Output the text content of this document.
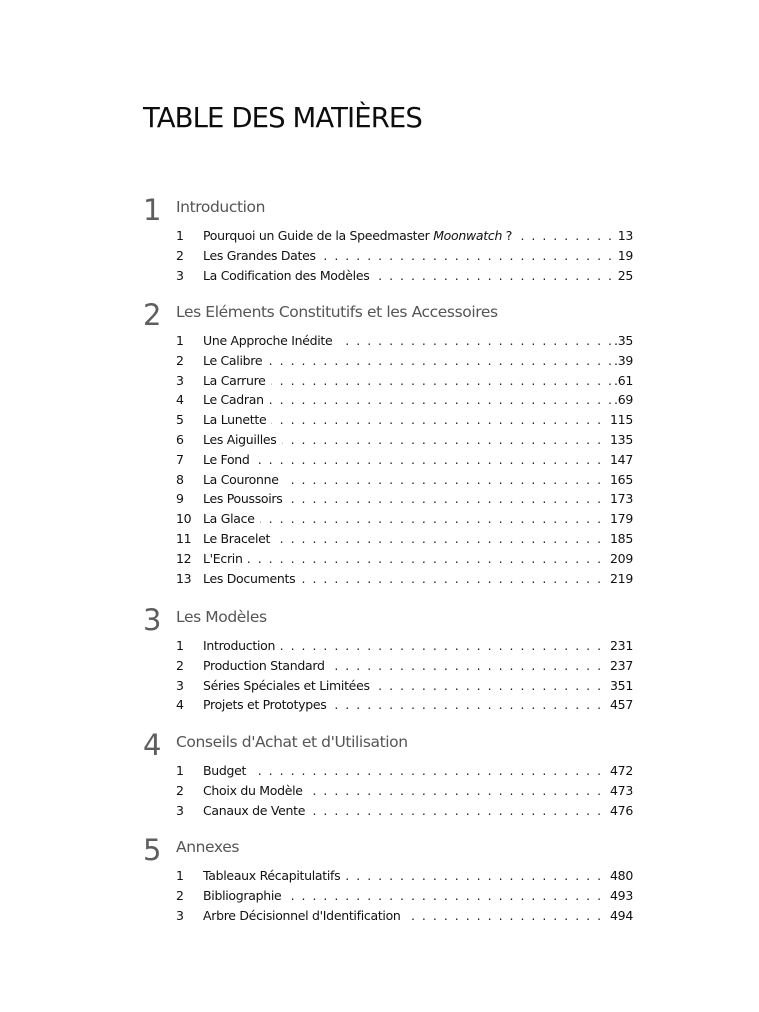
TABLE DES MATIÈRES
1 Introduction
1 . . . Pourquoi un Guide de la Speedmaster Moonwatch ?	13
2 . . . Les Grandes Dates	19
3 . . . La Codification des Modèles	25
2 Les Eléments Constitutifs et les Accessoires
1 . . . Une Approche Inédite	.35
2 . . . Le Calibre	.39
3 . . . La Carrure	.61
4 . . . Le Cadran	.69
5 . . . La Lunette	115
6 . . . Les Aiguilles	135
7 . . . Le Fond	147
8 . . . La Couronne	165
9 . . . Les Poussoirs	173
10 . . . La Glace	179
11 . . . Le Bracelet	185
12 . . . L'Ecrin	209
13 . . . Les Documents	219
3 Les Modèles
1 . . . Introduction	231
2 . . . Production Standard	237
3 . . . Séries Spéciales et Limitées	351
4 . . . Projets et Prototypes	457
4 Conseils d'Achat et d'Utilisation
1 . . . Budget	472
2 . . . Choix du Modèle	473
3 . . . Canaux de Vente	476
5 Annexes
1 . . . Tableaux Récapitulatifs	480
2 . . . Bibliographie	493
3 . . . Arbre Décisionnel d'Identification	494
